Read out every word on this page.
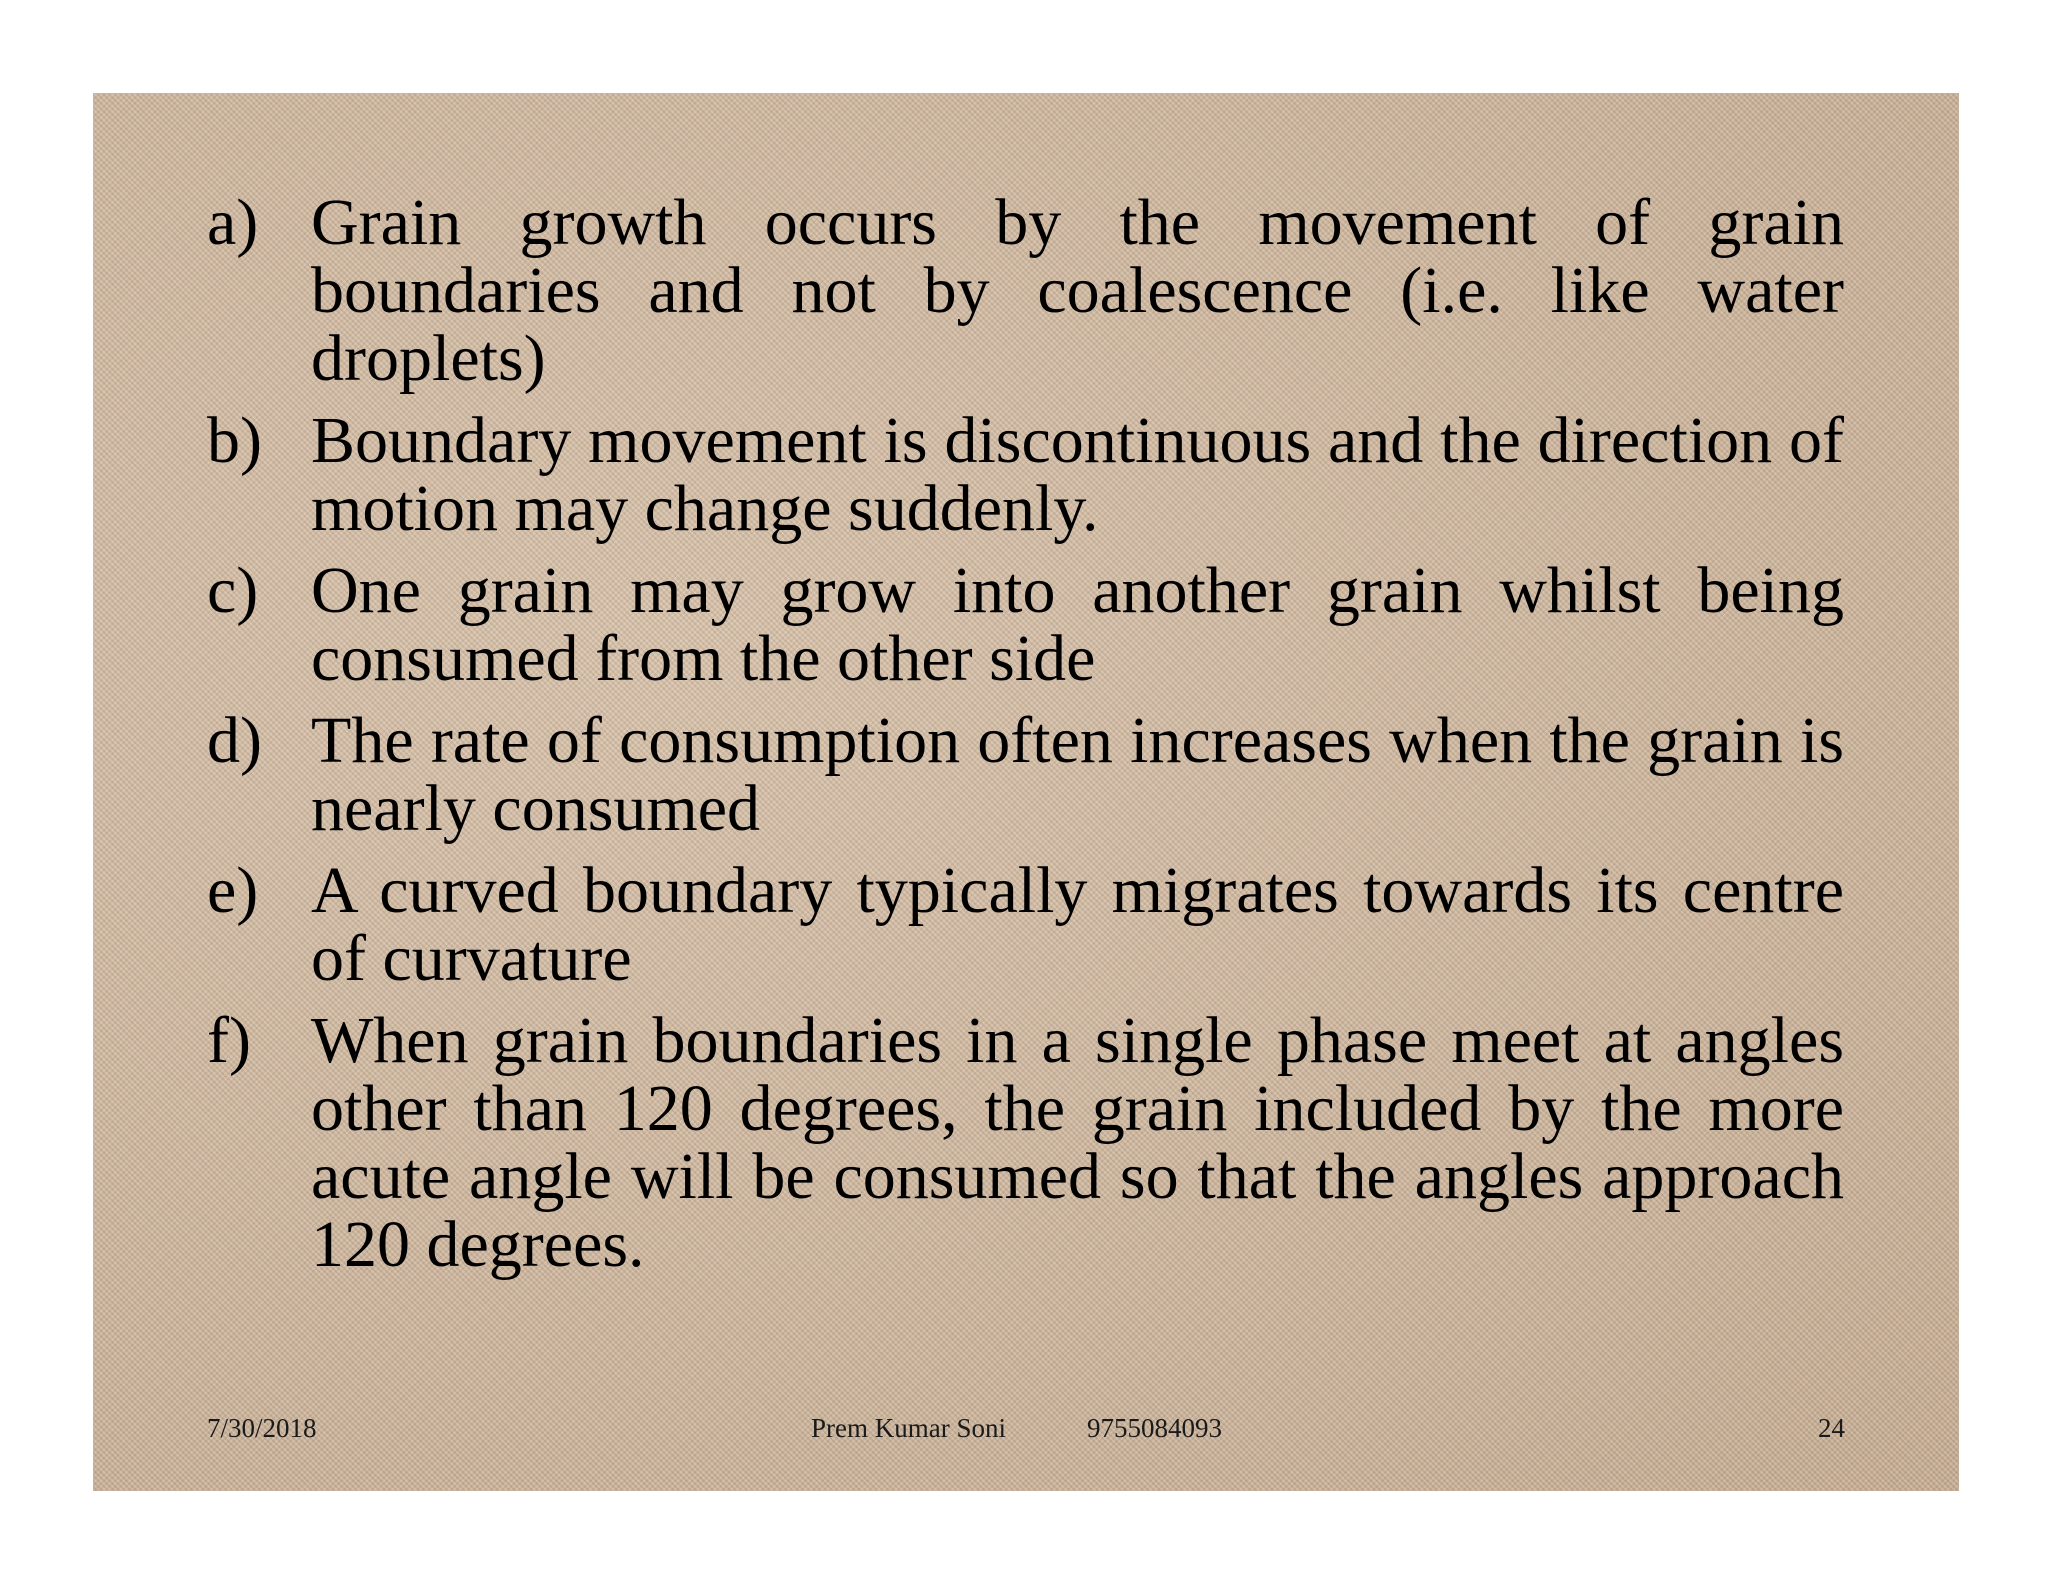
a) Grain growth occurs by the movement of grain boundaries and not by coalescence (i.e. like water droplets)
b) Boundary movement is discontinuous and the direction of motion may change suddenly.
c) One grain may grow into another grain whilst being consumed from the other side
d) The rate of consumption often increases when the grain is nearly consumed
e) A curved boundary typically migrates towards its centre of curvature
f) When grain boundaries in a single phase meet at angles other than 120 degrees, the grain included by the more acute angle will be consumed so that the angles approach 120 degrees.
7/30/2018	Prem Kumar Soni	9755084093	24
